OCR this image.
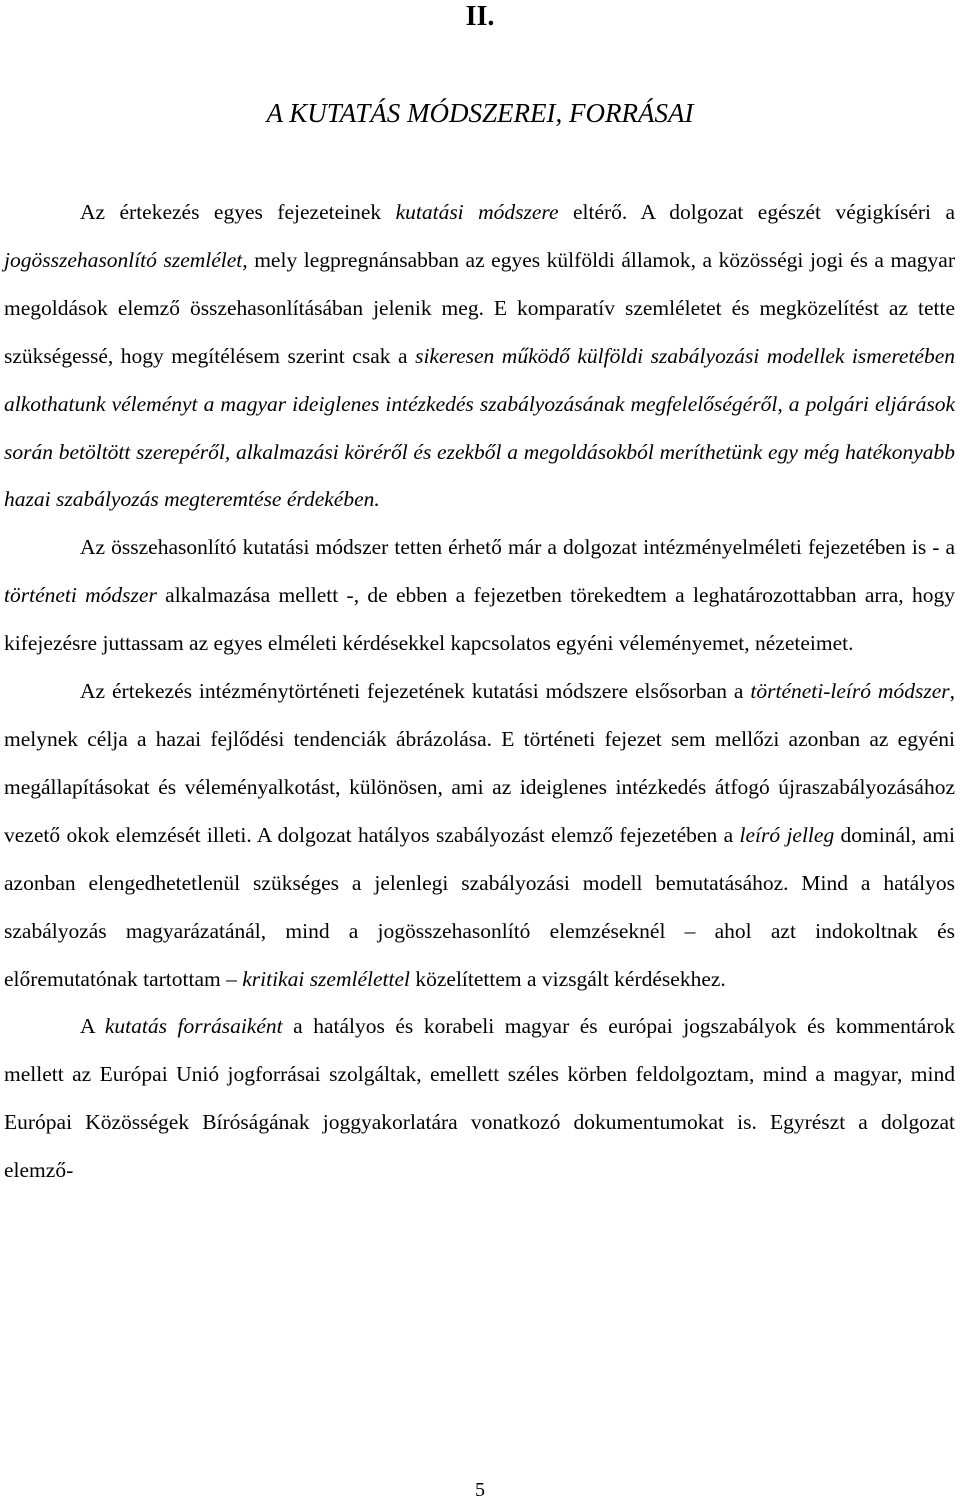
II.
A KUTATÁS MÓDSZEREI, FORRÁSAI

Az értekezés egyes fejezeteinek kutatási módszere eltérő. A dolgozat egészét végigkíséri a jogösszehasonlító szemlélet, mely legpregnánsabban az egyes külföldi államok, a közösségi jogi és a magyar megoldások elemző összehasonlításában jelenik meg. E komparatív szemléletet és megközelítést az tette szükségessé, hogy megítélésem szerint csak a sikeresen működő külföldi szabályozási modellek ismeretében alkothatunk véleményt a magyar ideiglenes intézkedés szabályozásának megfelelőségéről, a polgári eljárások során betöltött szerepéről, alkalmazási köréről és ezekből a megoldásokból meríthetünk egy még hatékonyabb hazai szabályozás megteremtése érdekében.

Az összehasonlító kutatási módszer tetten érhető már a dolgozat intézményelméleti fejezetében is - a történeti módszer alkalmazása mellett -, de ebben a fejezetben törekedtem a leghatározottabban arra, hogy kifejezésre juttassam az egyes elméleti kérdésekkel kapcsolatos egyéni véleményemet, nézeteimet.

Az értekezés intézménytörténeti fejezetének kutatási módszere elsősorban a történeti-leíró módszer, melynek célja a hazai fejlődési tendenciák ábrázolása. E történeti fejezet sem mellőzi azonban az egyéni megállapításokat és véleményalkotást, különösen, ami az ideiglenes intézkedés átfogó újraszabályozásához vezető okok elemzését illeti. A dolgozat hatályos szabályozást elemző fejezetében a leíró jelleg dominál, ami azonban elengedhetetlenül szükséges a jelenlegi szabályozási modell bemutatásához. Mind a hatályos szabályozás magyarázatánál, mind a jogösszehasonlító elemzéseknél – ahol azt indokoltnak és előremutatónak tartottam – kritikai szemlélettel közelítettem a vizsgált kérdésekhez.

A kutatás forrásaiként a hatályos és korabeli magyar és európai jogszabályok és kommentárok mellett az Európai Unió jogforrásai szolgáltak, emellett széles körben feldolgoztam, mind a magyar, mind Európai Közösségek Bíróságának joggyakorlatára vonatkozó dokumentumokat is. Egyrészt a dolgozat elemző-

5
